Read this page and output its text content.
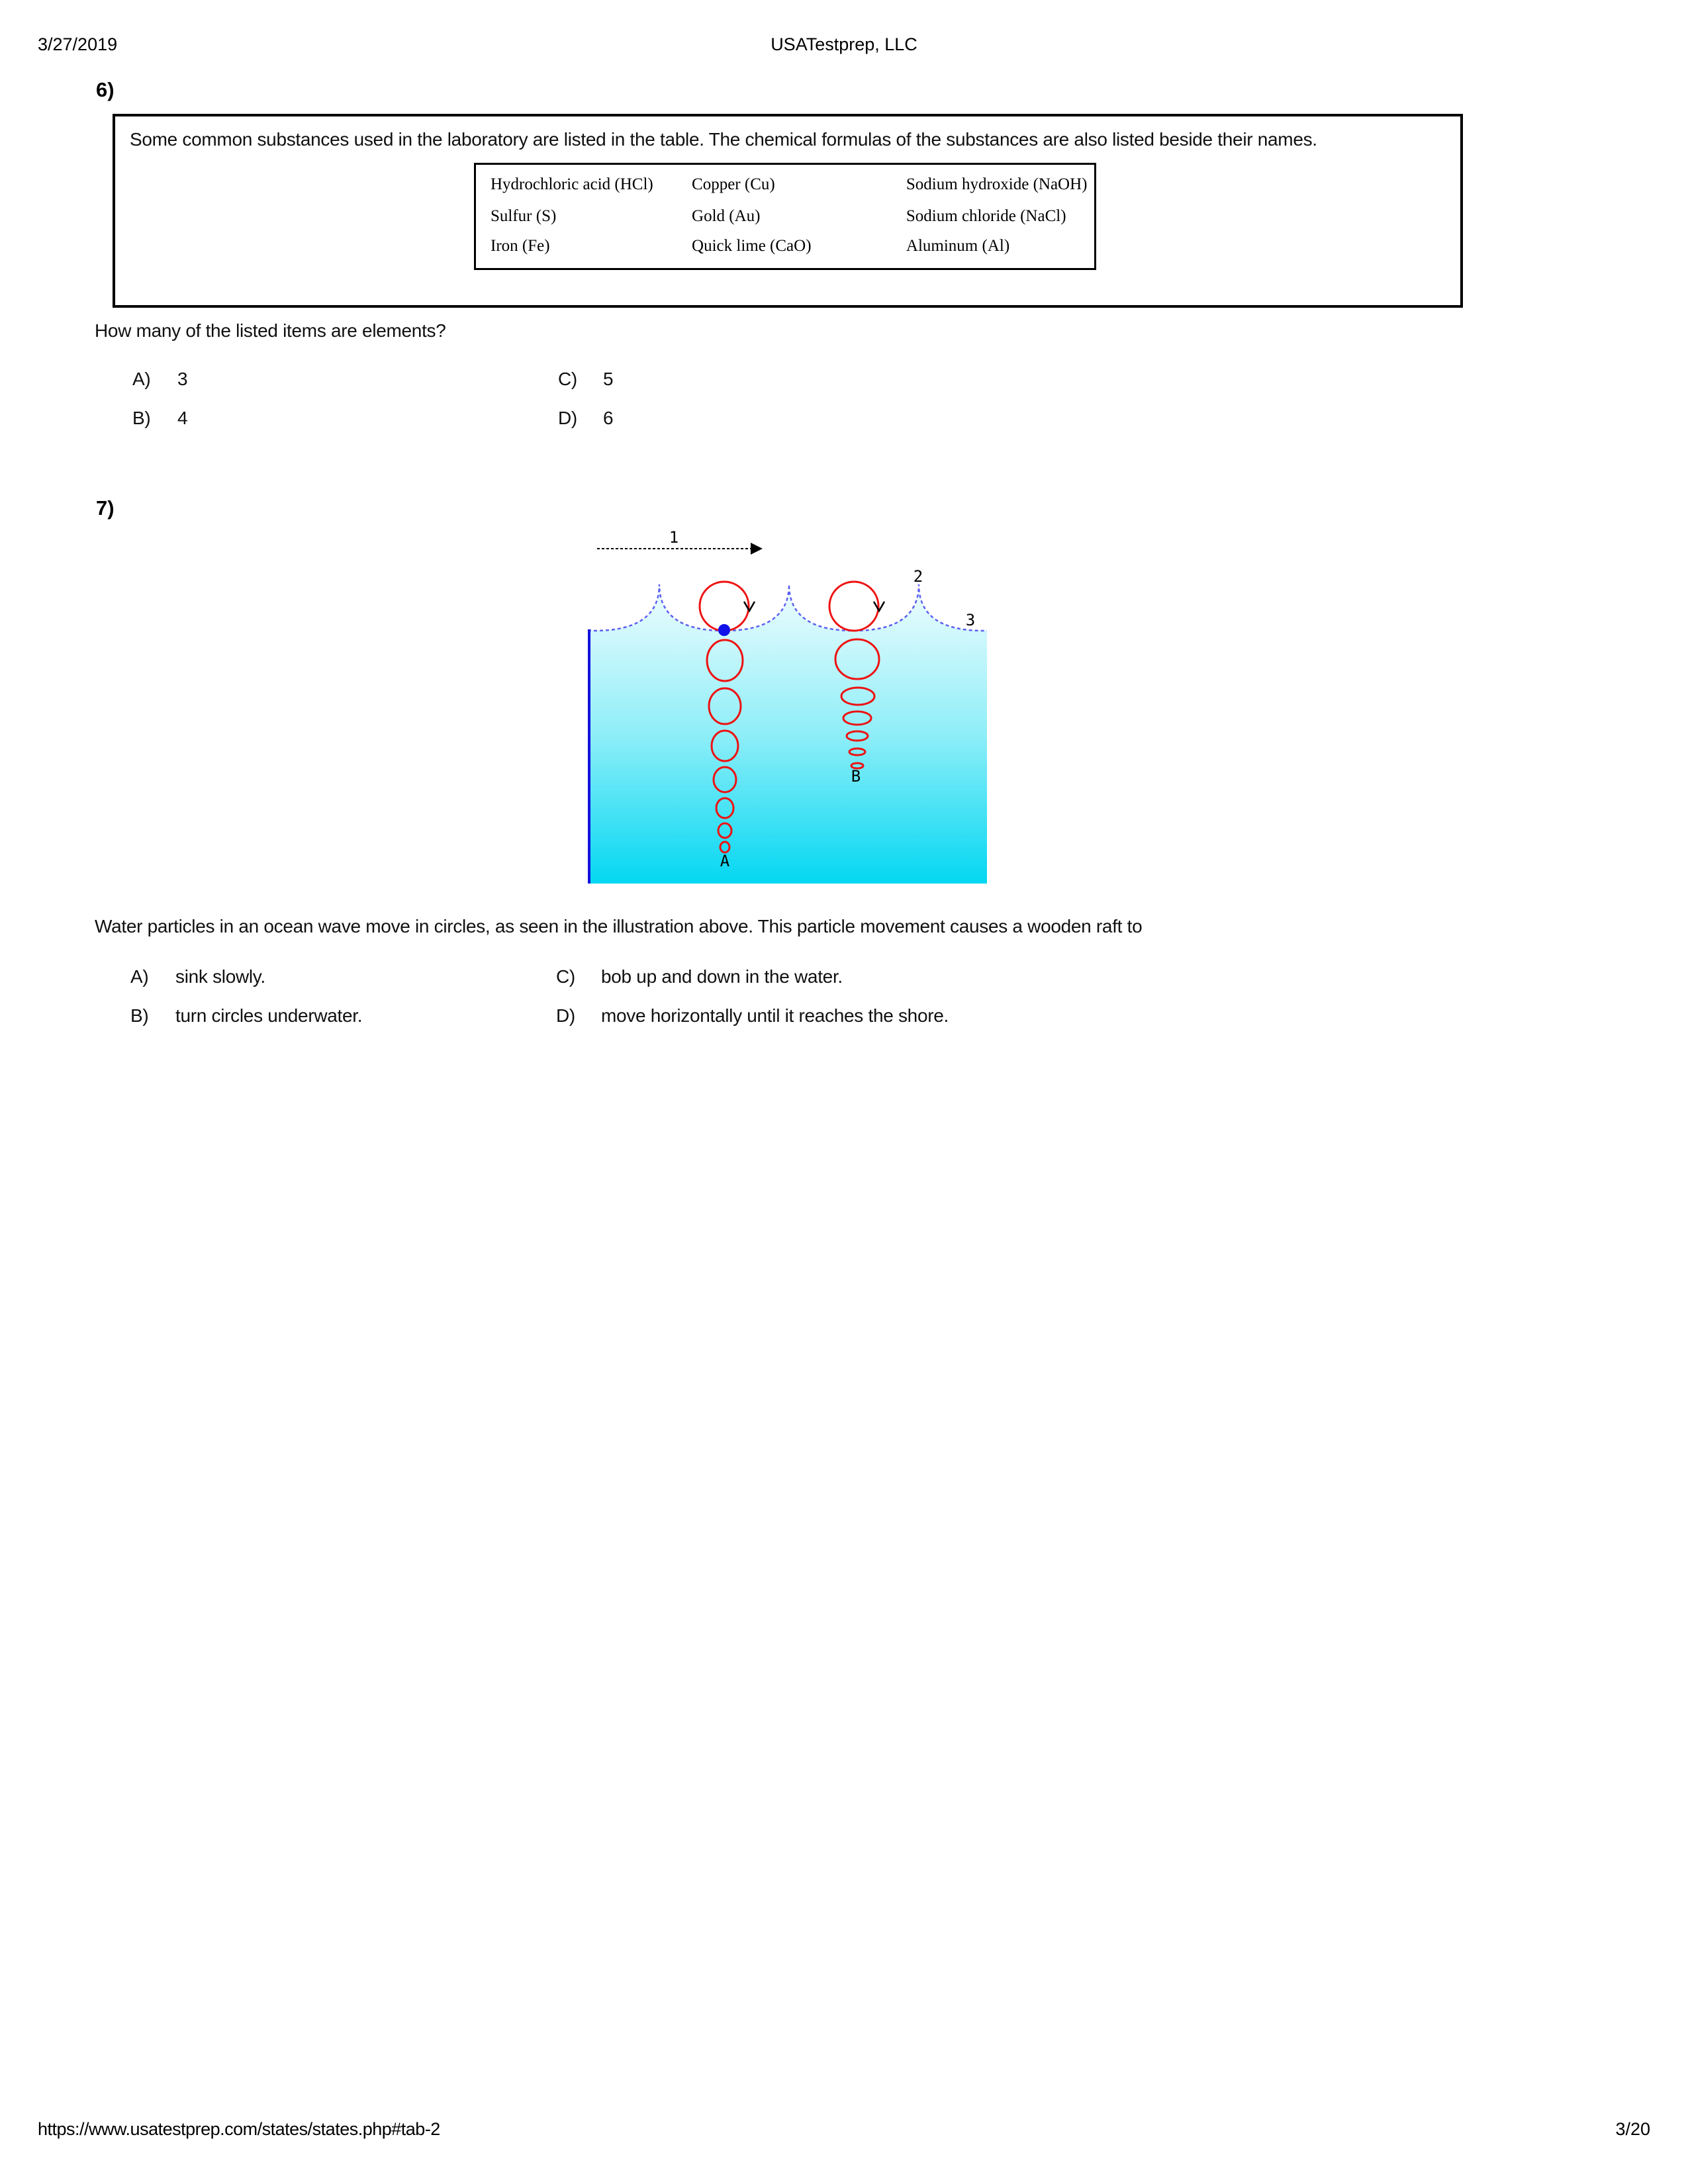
3/27/2019	USATestprep, LLC
6)
Some common substances used in the laboratory are listed in the table. The chemical formulas of the substances are also listed beside their names.
Hydrochloric acid (HCl)	Copper (Cu)	Sodium hydroxide (NaOH)
Sulfur (S)	Gold (Au)	Sodium chloride (NaCl)
Iron (Fe)	Quick lime (CaO)	Aluminum (Al)
How many of the listed items are elements?
A)	3	C)	5
B)	4	D)	6
7)
1
2
3
A
B
Water particles in an ocean wave move in circles, as seen in the illustration above. This particle movement causes a wooden raft to
A)	sink slowly.	C)	bob up and down in the water.
B)	turn circles underwater.	D)	move horizontally until it reaches the shore.
https://www.usatestprep.com/states/states.php#tab-2	3/20
